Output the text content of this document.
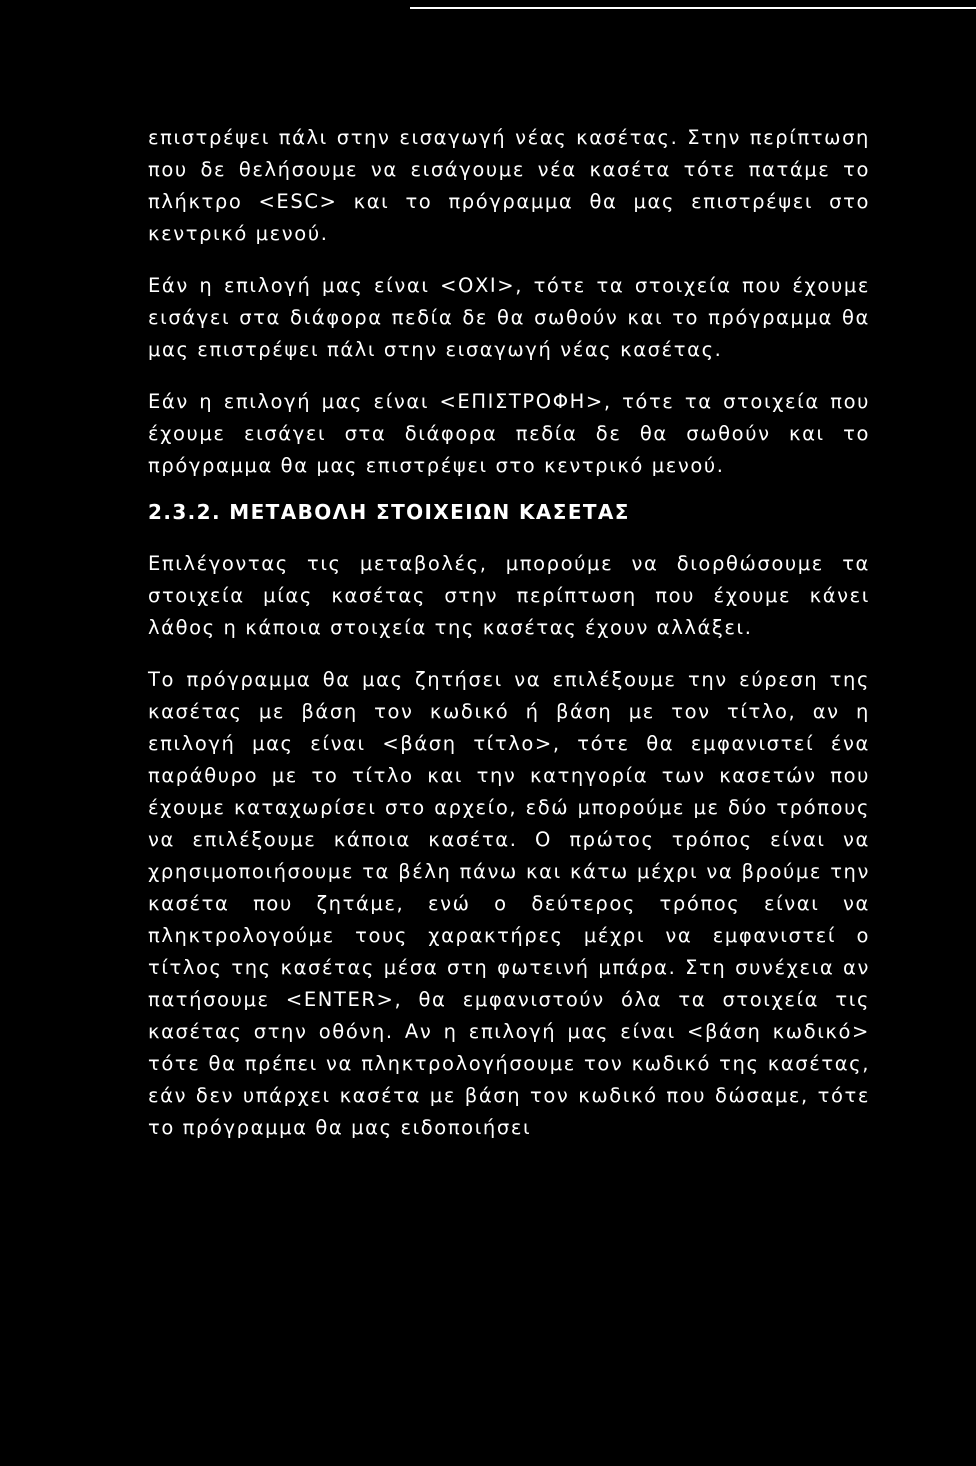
επιστρέψει πάλι στην εισαγωγή νέας κασέτας. Στην περίπτωση που δε θελήσουμε να εισάγουμε νέα κασέτα τότε πατάμε το πλήκτρο <ESC> και το πρόγραμμα θα μας επιστρέψει στο κεντρικό μενού.

Εάν η επιλογή μας είναι <ΟΧΙ>, τότε τα στοιχεία που έχουμε εισάγει στα διάφορα πεδία δε θα σωθούν και το πρόγραμμα θα μας επιστρέψει πάλι στην εισαγωγή νέας κασέτας.

Εάν η επιλογή μας είναι <ΕΠΙΣΤΡΟΦΗ>, τότε τα στοιχεία που έχουμε εισάγει στα διάφορα πεδία δε θα σωθούν και το πρόγραμμα θα μας επιστρέψει στο κεντρικό μενού.

2.3.2. ΜΕΤΑΒΟΛΗ ΣΤΟΙΧΕΙΩΝ ΚΑΣΕΤΑΣ

Επιλέγοντας τις μεταβολές, μπορούμε να διορθώσουμε τα στοιχεία μίας κασέτας στην περίπτωση που έχουμε κάνει λάθος η κάποια στοιχεία της κασέτας έχουν αλλάξει.

Το πρόγραμμα θα μας ζητήσει να επιλέξουμε την εύρεση της κασέτας με βάση τον κωδικό ή βάση με τον τίτλο, αν η επιλογή μας είναι <βάση τίτλο>, τότε θα εμφανιστεί ένα παράθυρο με το τίτλο και την κατηγορία των κασετών που έχουμε καταχωρίσει στο αρχείο, εδώ μπορούμε με δύο τρόπους να επιλέξουμε κάποια κασέτα. Ο πρώτος τρόπος είναι να χρησιμοποιήσουμε τα βέλη πάνω και κάτω μέχρι να βρούμε την κασέτα που ζητάμε, ενώ ο δεύτερος τρόπος είναι να πληκτρολογούμε τους χαρακτήρες μέχρι να εμφανιστεί ο τίτλος της κασέτας μέσα στη φωτεινή μπάρα. Στη συνέχεια αν πατήσουμε <ENTER>, θα εμφανιστούν όλα τα στοιχεία τις κασέτας στην οθόνη. Αν η επιλογή μας είναι <βάση κωδικό> τότε θα πρέπει να πληκτρολογήσουμε τον κωδικό της κασέτας, εάν δεν υπάρχει κασέτα με βάση τον κωδικό που δώσαμε, τότε το πρόγραμμα θα μας ειδοποιήσει
